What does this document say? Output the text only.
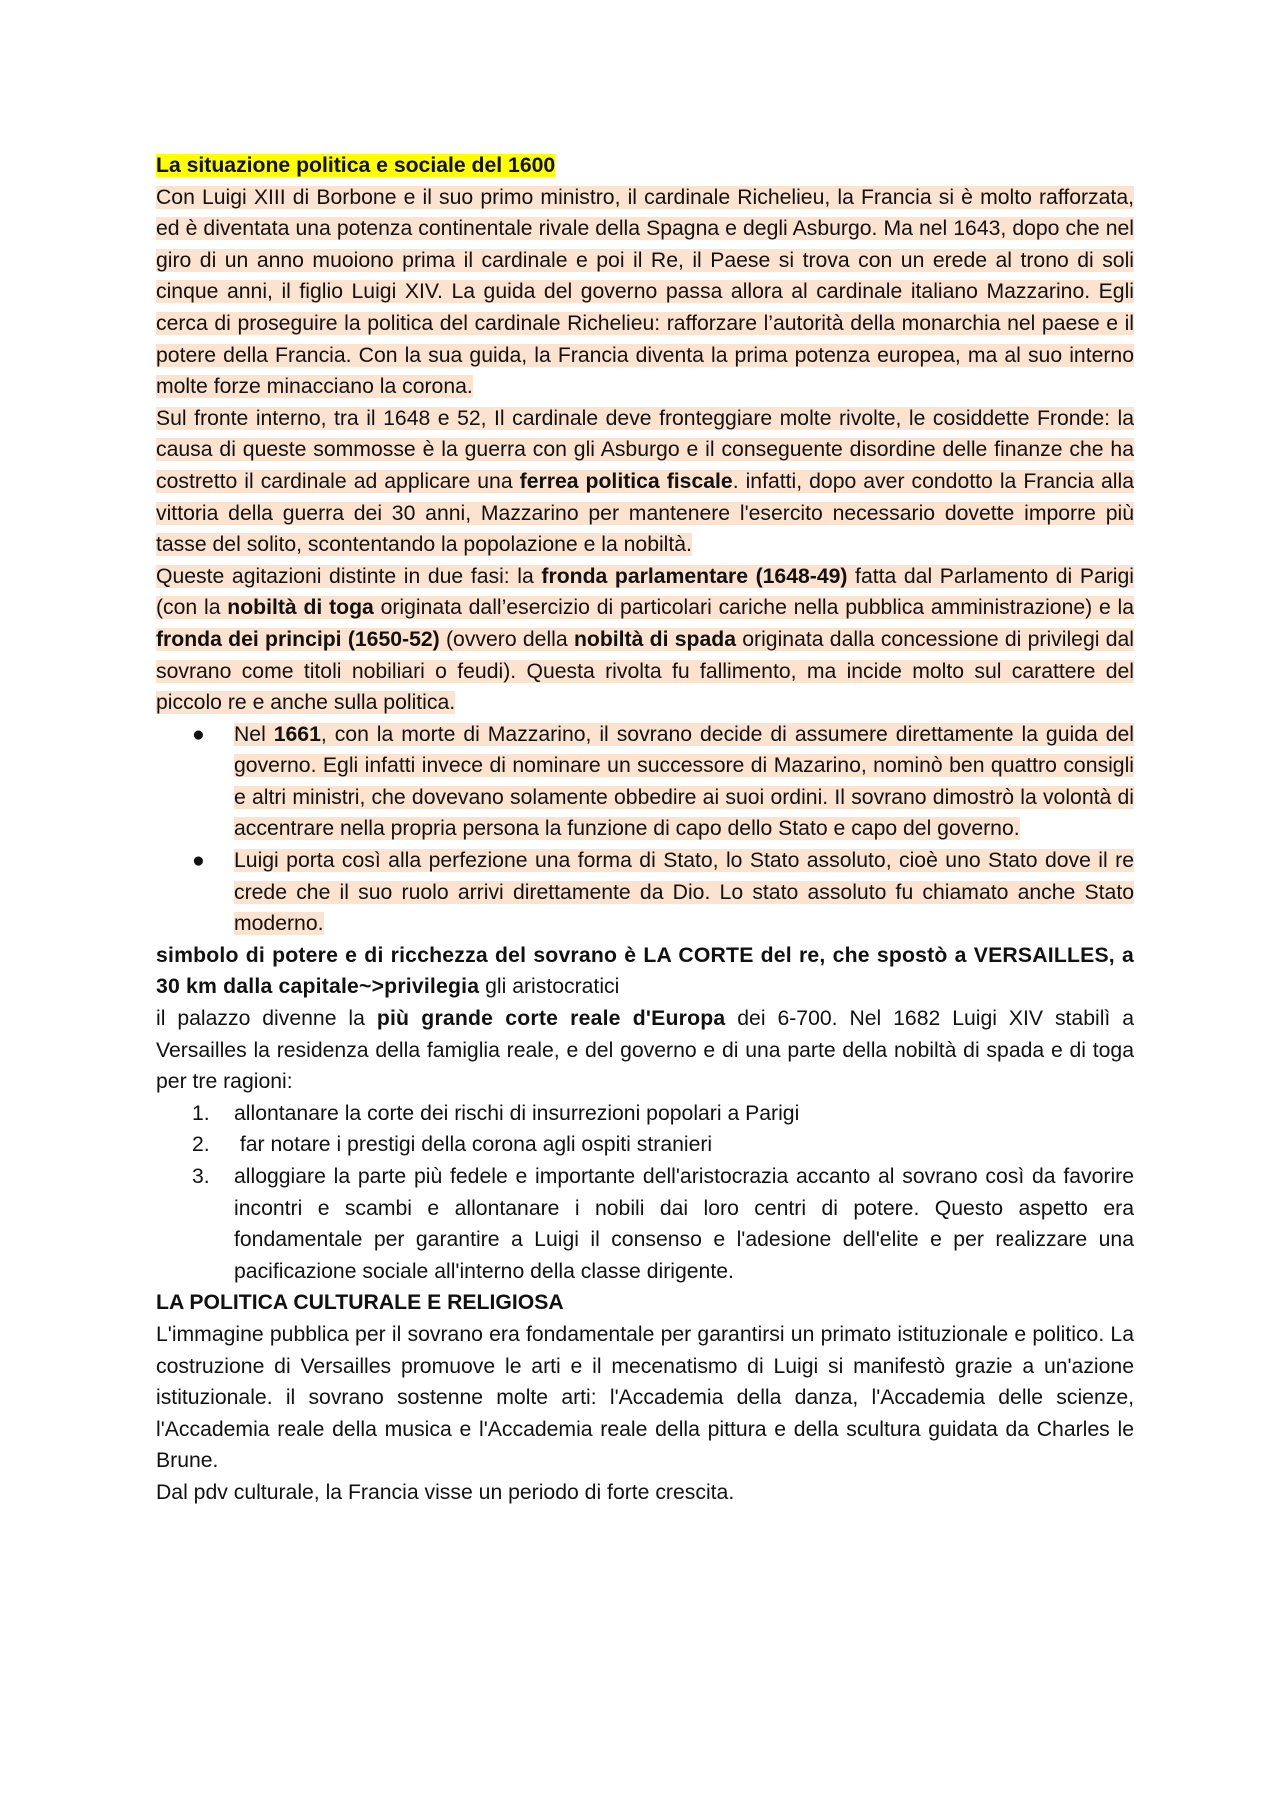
La situazione politica e sociale del 1600

Con Luigi XIII di Borbone e il suo primo ministro, il cardinale Richelieu, la Francia si è molto rafforzata, ed è diventata una potenza continentale rivale della Spagna e degli Asburgo. Ma nel 1643, dopo che nel giro di un anno muoiono prima il cardinale e poi il Re, il Paese si trova con un erede al trono di soli cinque anni, il figlio Luigi XIV. La guida del governo passa allora al cardinale italiano Mazzarino. Egli cerca di proseguire la politica del cardinale Richelieu: rafforzare l’autorità della monarchia nel paese e il potere della Francia. Con la sua guida, la Francia diventa la prima potenza europea, ma al suo interno molte forze minacciano la corona.

Sul fronte interno, tra il 1648 e 52, Il cardinale deve fronteggiare molte rivolte, le cosiddette Fronde: la causa di queste sommosse è la guerra con gli Asburgo e il conseguente disordine delle finanze che ha costretto il cardinale ad applicare una ferrea politica fiscale. infatti, dopo aver condotto la Francia alla vittoria della guerra dei 30 anni, Mazzarino per mantenere l'esercito necessario dovette imporre più tasse del solito, scontentando la popolazione e la nobiltà.

Queste agitazioni distinte in due fasi: la fronda parlamentare (1648-49) fatta dal Parlamento di Parigi (con la nobiltà di toga originata dall’esercizio di particolari cariche nella pubblica amministrazione) e la fronda dei principi (1650-52) (ovvero della nobiltà di spada originata dalla concessione di privilegi dal sovrano come titoli nobiliari o feudi). Questa rivolta fu fallimento, ma incide molto sul carattere del piccolo re e anche sulla politica.

●	Nel 1661, con la morte di Mazzarino, il sovrano decide di assumere direttamente la guida del governo. Egli infatti invece di nominare un successore di Mazarino, nominò ben quattro consigli e altri ministri, che dovevano solamente obbedire ai suoi ordini. Il sovrano dimostrò la volontà di accentrare nella propria persona la funzione di capo dello Stato e capo del governo.
●	Luigi porta così alla perfezione una forma di Stato, lo Stato assoluto, cioè uno Stato dove il re crede che il suo ruolo arrivi direttamente da Dio. Lo stato assoluto fu chiamato anche Stato moderno.

simbolo di potere e di ricchezza del sovrano è LA CORTE del re, che spostò a VERSAILLES, a 30 km dalla capitale~>privilegia gli aristocratici

il palazzo divenne la più grande corte reale d'Europa dei 6-700. Nel 1682 Luigi XIV stabilì a Versailles la residenza della famiglia reale, e del governo e di una parte della nobiltà di spada e di toga per tre ragioni:

1.	allontanare la corte dei rischi di insurrezioni popolari a Parigi
2.	far notare i prestigi della corona agli ospiti stranieri
3.	alloggiare la parte più fedele e importante dell'aristocrazia accanto al sovrano così da favorire incontri e scambi e allontanare i nobili dai loro centri di potere. Questo aspetto era fondamentale per garantire a Luigi il consenso e l'adesione dell'elite e per realizzare una pacificazione sociale all'interno della classe dirigente.

LA POLITICA CULTURALE E RELIGIOSA

L'immagine pubblica per il sovrano era fondamentale per garantirsi un primato istituzionale e politico. La costruzione di Versailles promuove le arti e il mecenatismo di Luigi si manifestò grazie a un'azione istituzionale. il sovrano sostenne molte arti: l'Accademia della danza, l'Accademia delle scienze, l'Accademia reale della musica e l'Accademia reale della pittura e della scultura guidata da Charles le Brune.

Dal pdv culturale, la Francia visse un periodo di forte crescita.
